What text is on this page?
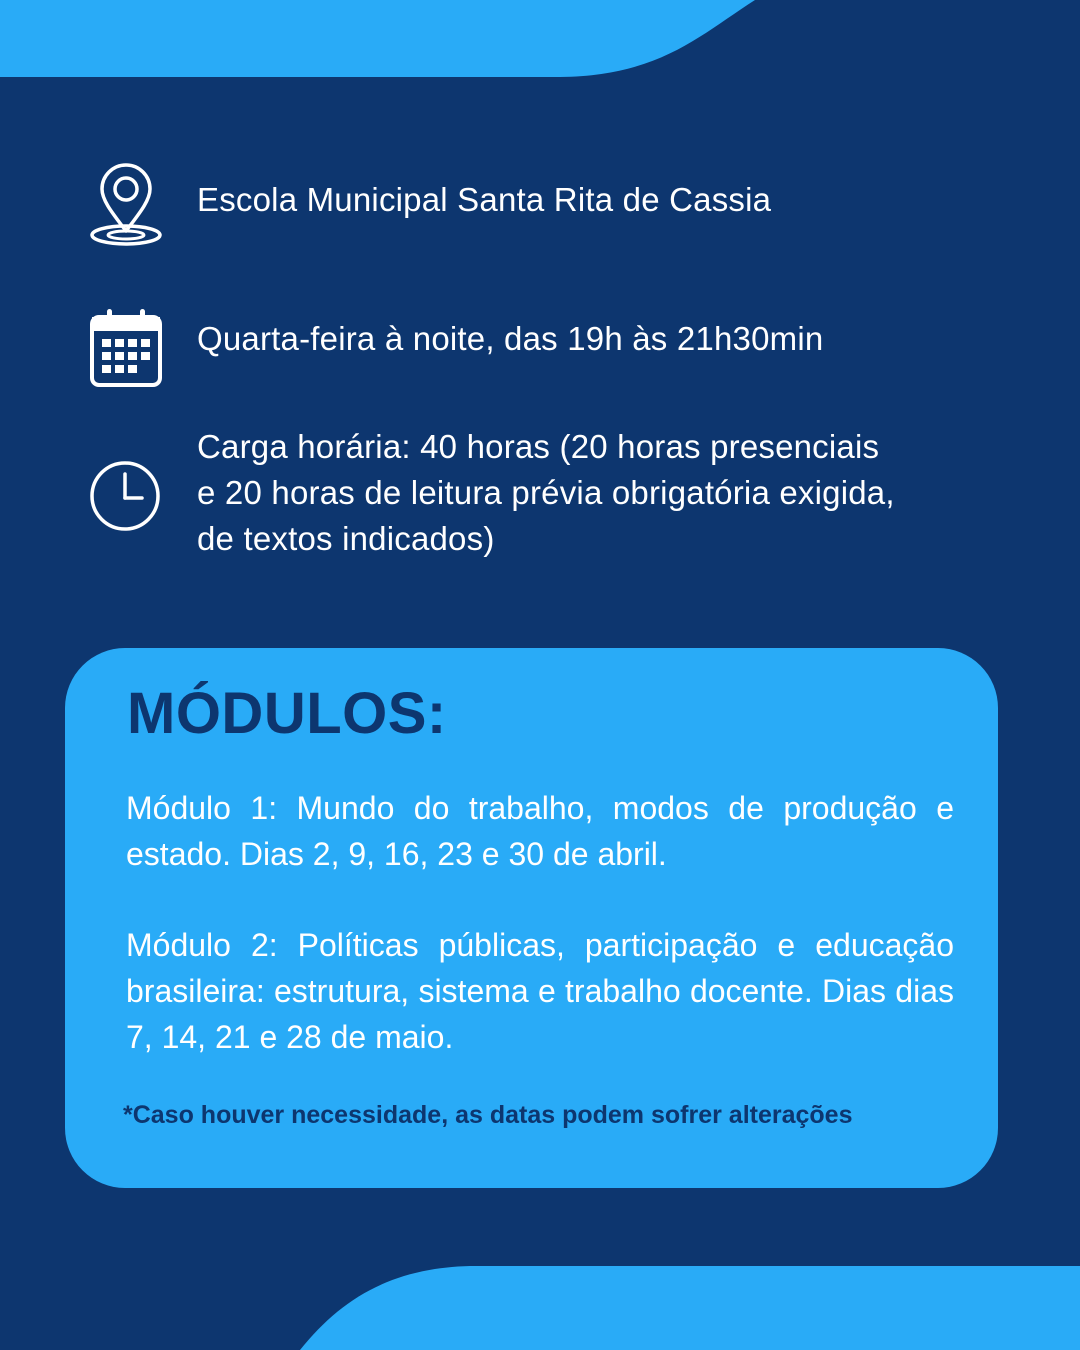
Escola Municipal Santa Rita de Cassia
Quarta-feira à noite, das 19h às 21h30min
Carga horária: 40 horas (20 horas presenciais e 20 horas de leitura prévia obrigatória exigida, de textos indicados)
MÓDULOS:
Módulo 1: Mundo do trabalho, modos de produção e estado. Dias 2, 9, 16, 23 e 30 de abril.
Módulo 2: Políticas públicas, participação e educação brasileira: estrutura, sistema e trabalho docente. Dias dias 7, 14, 21 e 28 de maio.
*Caso houver necessidade, as datas podem sofrer alterações
